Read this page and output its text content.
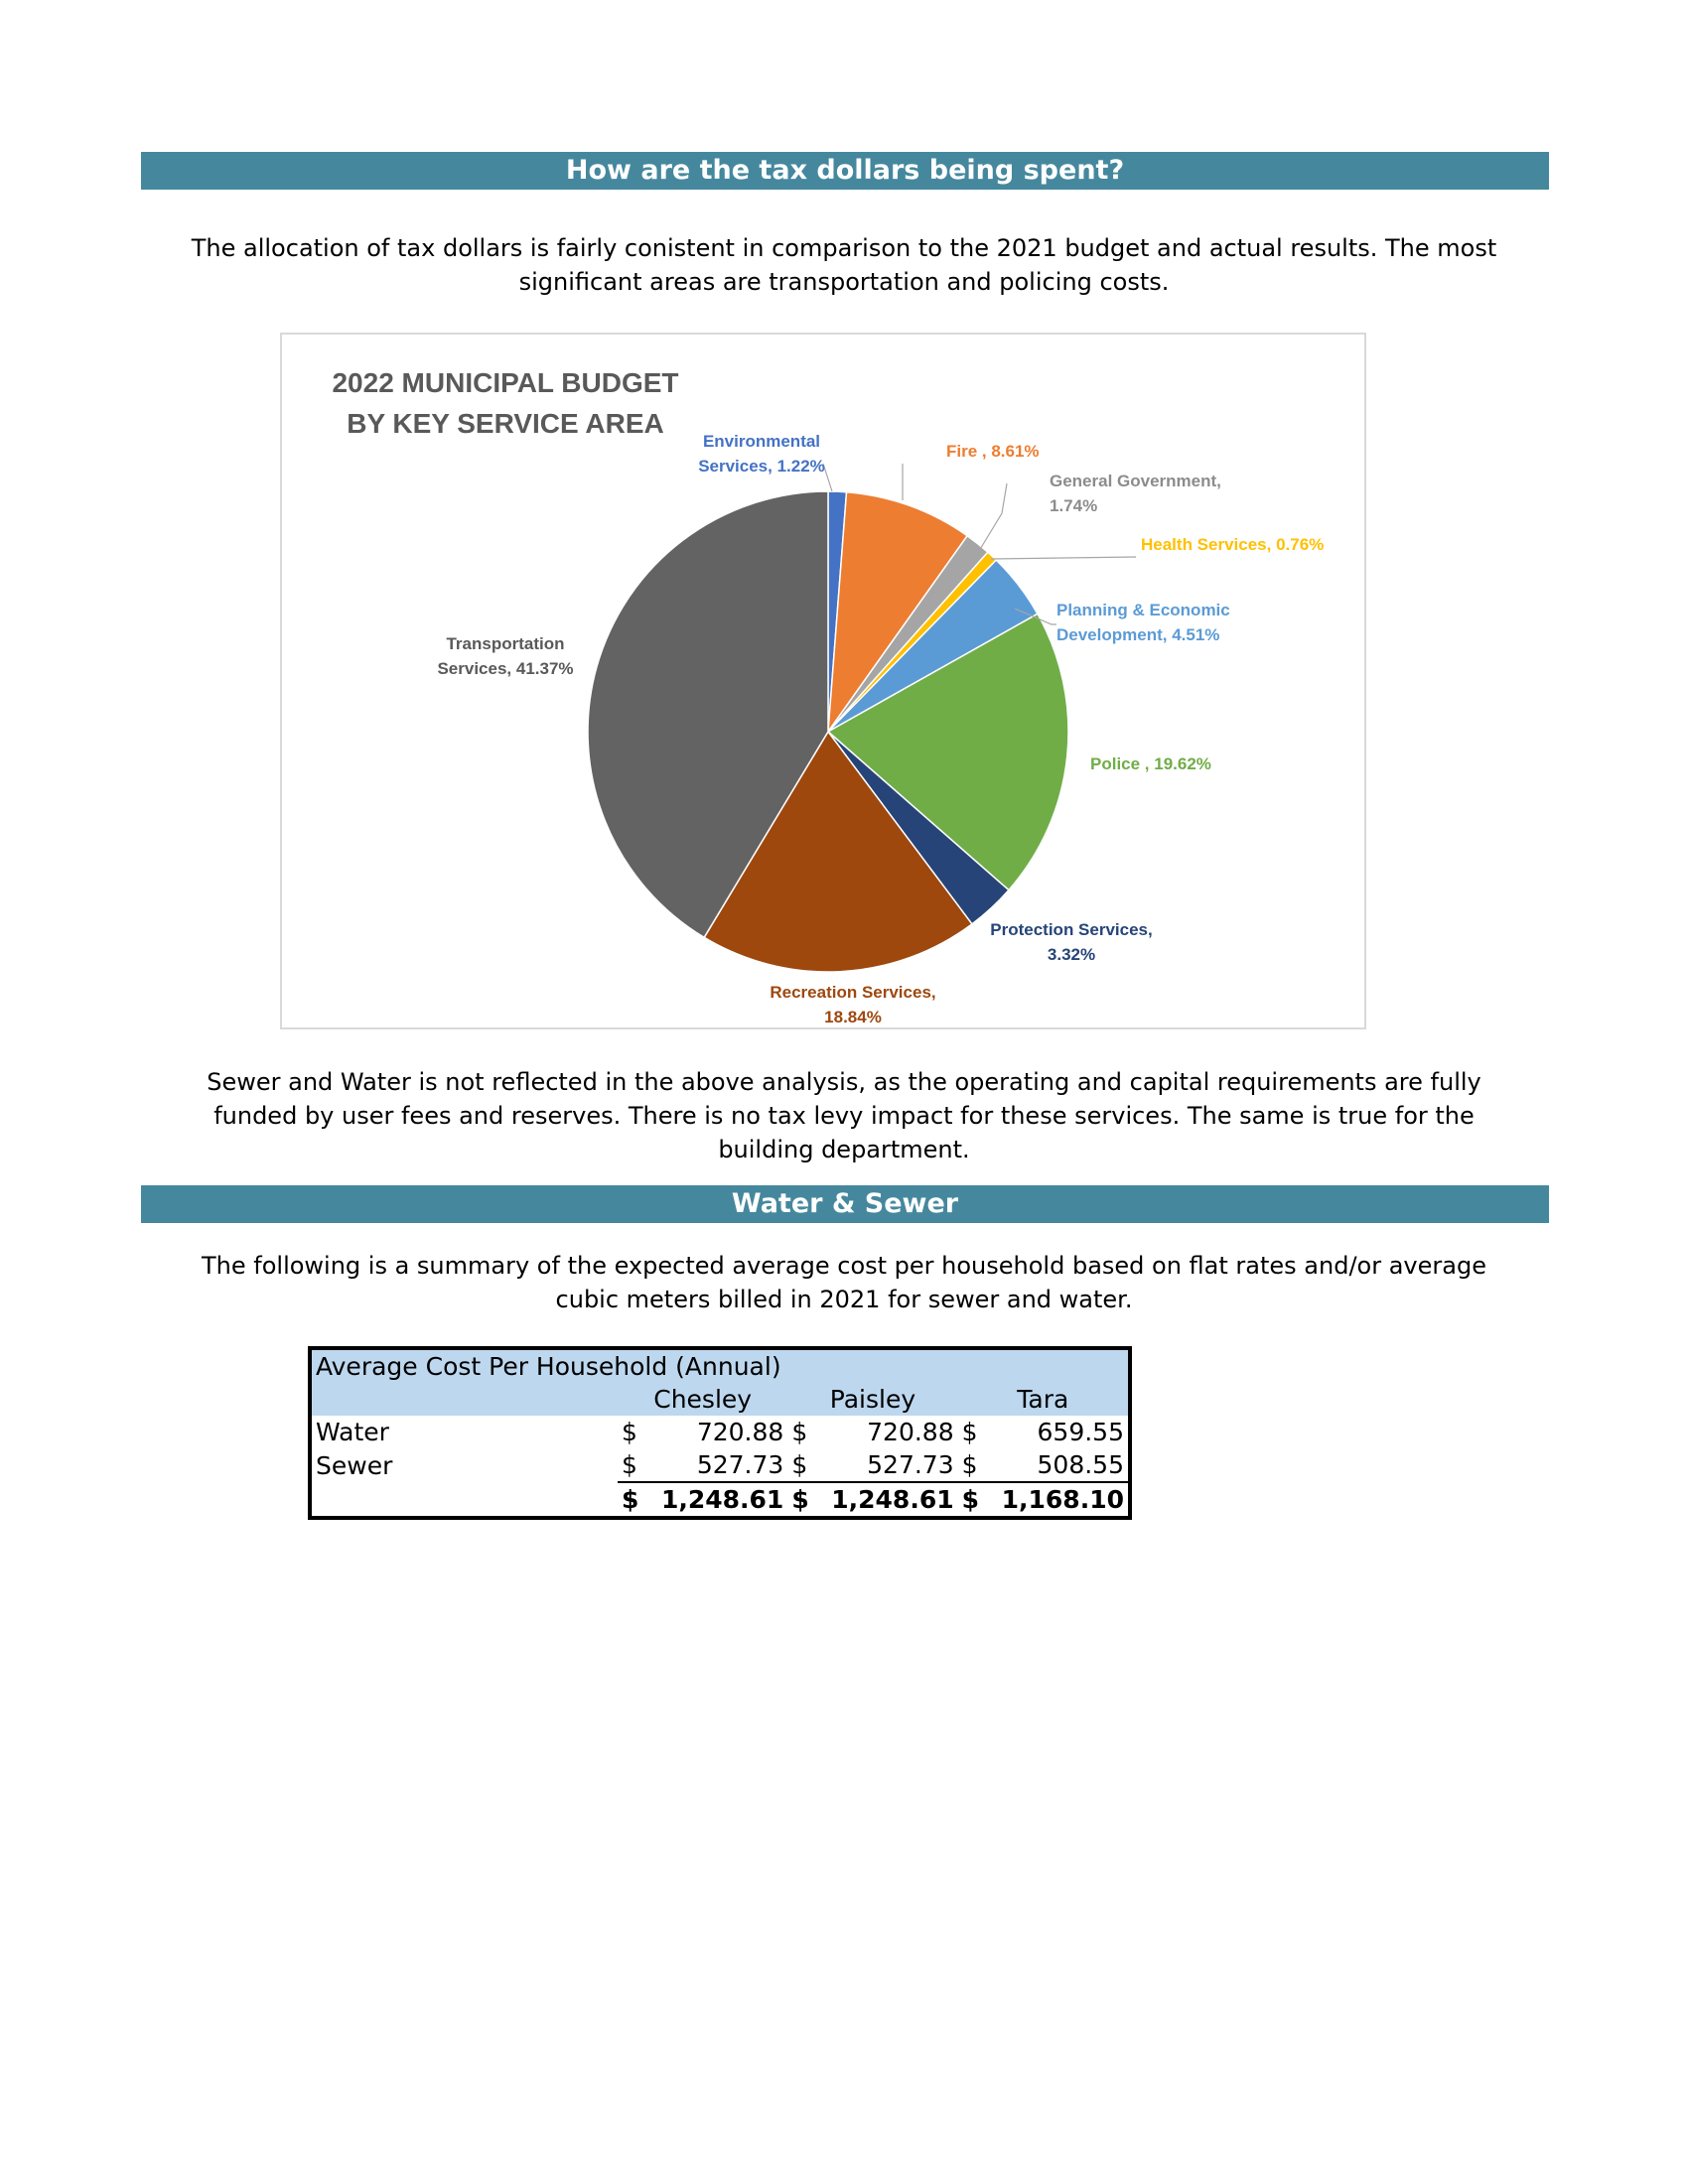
How are the tax dollars being spent?
The allocation of tax dollars is fairly conistent in comparison to the 2021 budget and actual results. The most
significant areas are transportation and policing costs.
2022 MUNICIPAL BUDGET
BY KEY SERVICE AREA
Environmental Services, 1.22%
Fire , 8.61%
General Government, 1.74%
Health Services, 0.76%
Planning & Economic Development, 4.51%
Police , 19.62%
Protection Services, 3.32%
Recreation Services, 18.84%
Transportation Services, 41.37%
Sewer and Water is not reflected in the above analysis, as the operating and capital requirements are fully
funded by user fees and reserves. There is no tax levy impact for these services. The same is true for the
building department.
Water & Sewer
The following is a summary of the expected average cost per household based on flat rates and/or average
cubic meters billed in 2021 for sewer and water.
Average Cost Per Household (Annual)						
	Chesley		Paisley		Tara	
Water	$	720.88	$	720.88	$	659.55
Sewer	$	527.73	$	527.73	$	508.55
	$	1,248.61	$	1,248.61	$	1,168.10
